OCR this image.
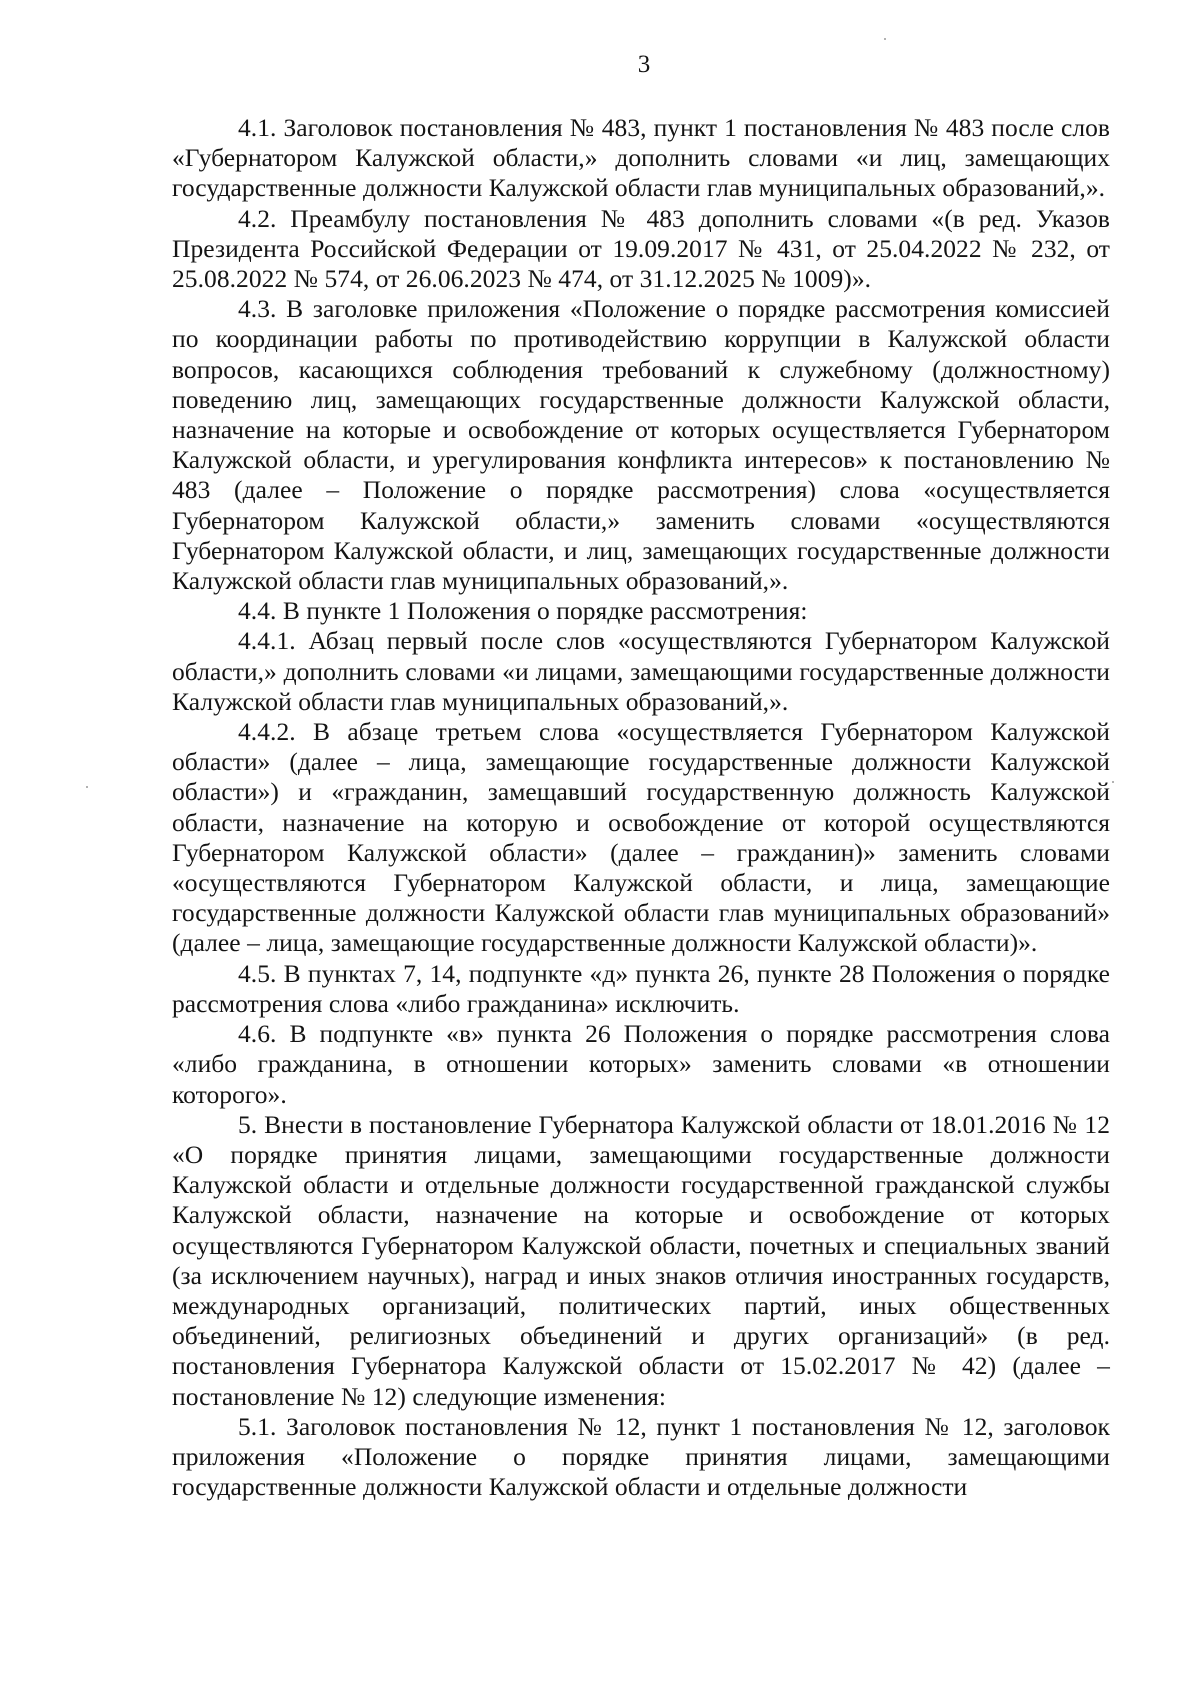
3

4.1. Заголовок постановления № 483, пункт 1 постановления № 483 после слов «Губернатором Калужской области,» дополнить словами «и лиц, замещающих государственные должности Калужской области глав муниципальных образований,».

4.2. Преамбулу постановления № 483 дополнить словами «(в ред. Указов Президента Российской Федерации от 19.09.2017 № 431, от 25.04.2022 № 232, от 25.08.2022 № 574, от 26.06.2023 № 474, от 31.12.2025 № 1009)».

4.3. В заголовке приложения «Положение о порядке рассмотрения комиссией по координации работы по противодействию коррупции в Калужской области вопросов, касающихся соблюдения требований к служебному (должностному) поведению лиц, замещающих государственные должности Калужской области, назначение на которые и освобождение от которых осуществляется Губернатором Калужской области, и урегулирования конфликта интересов» к постановлению № 483 (далее – Положение о порядке рассмотрения) слова «осуществляется Губернатором Калужской области,» заменить словами «осуществляются Губернатором Калужской области, и лиц, замещающих государственные должности Калужской области глав муниципальных образований,».

4.4. В пункте 1 Положения о порядке рассмотрения:

4.4.1. Абзац первый после слов «осуществляются Губернатором Калужской области,» дополнить словами «и лицами, замещающими государственные должности Калужской области глав муниципальных образований,».

4.4.2. В абзаце третьем слова «осуществляется Губернатором Калужской области» (далее – лица, замещающие государственные должности Калужской области») и «гражданин, замещавший государственную должность Калужской области, назначение на которую и освобождение от которой осуществляются Губернатором Калужской области» (далее – гражданин)» заменить словами «осуществляются Губернатором Калужской области, и лица, замещающие государственные должности Калужской области глав муниципальных образований» (далее – лица, замещающие государственные должности Калужской области)».

4.5. В пунктах 7, 14, подпункте «д» пункта 26, пункте 28 Положения о порядке рассмотрения слова «либо гражданина» исключить.

4.6. В подпункте «в» пункта 26 Положения о порядке рассмотрения слова «либо гражданина, в отношении которых» заменить словами «в отношении которого».

5. Внести в постановление Губернатора Калужской области от 18.01.2016 № 12 «О порядке принятия лицами, замещающими государственные должности Калужской области и отдельные должности государственной гражданской службы Калужской области, назначение на которые и освобождение от которых осуществляются Губернатором Калужской области, почетных и специальных званий (за исключением научных), наград и иных знаков отличия иностранных государств, международных организаций, политических партий, иных общественных объединений, религиозных объединений и других организаций» (в ред. постановления Губернатора Калужской области от 15.02.2017 № 42) (далее – постановление № 12) следующие изменения:

5.1. Заголовок постановления № 12, пункт 1 постановления № 12, заголовок приложения «Положение о порядке принятия лицами, замещающими государственные должности Калужской области и отдельные должности
